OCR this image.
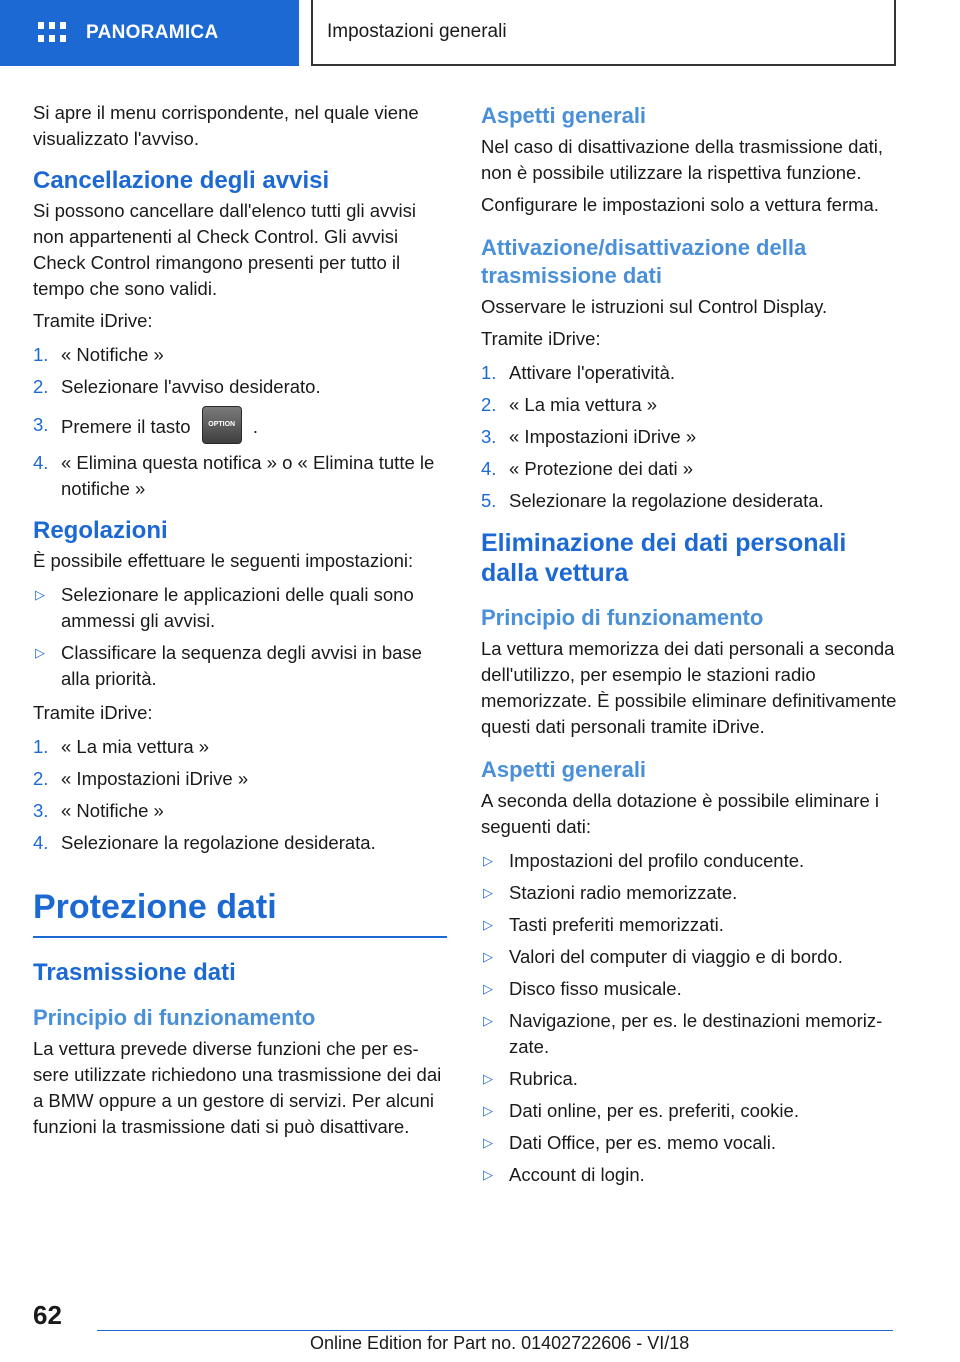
PANORAMICA	Impostazioni generali

Si apre il menu corrispondente, nel quale viene visualizzato l'avviso.

Cancellazione degli avvisi

Si possono cancellare dall'elenco tutti gli avvisi non appartenenti al Check Control. Gli avvisi Check Control rimangono presenti per tutto il tempo che sono validi.

Tramite iDrive:

1. « Notifiche »
2. Selezionare l'avviso desiderato.
3. Premere il tasto	OPTION .
4. « Elimina questa notifica » o « Elimina tutte le notifiche »
Regolazioni

È possibile effettuare le seguenti impostazioni:

▷ Selezionare le applicazioni delle quali sono ammessi gli avvisi.
▷ Classificare la sequenza degli avvisi in base alla priorità.

Tramite iDrive:

1. « La mia vettura »
2. « Impostazioni iDrive »
3. « Notifiche »
4. Selezionare la regolazione desiderata.
Protezione dati
Trasmissione dati
Principio di funzionamento

La vettura prevede diverse funzioni che per essere utilizzate richiedono una trasmissione dei dai a BMW oppure a un gestore di servizi. Per alcuni funzioni la trasmissione dati si può disattivare.

Aspetti generali

Nel caso di disattivazione della trasmissione dati, non è possibile utilizzare la rispettiva funzione.

Configurare le impostazioni solo a vettura ferma.

Attivazione/disattivazione della trasmissione dati

Osservare le istruzioni sul Control Display.

Tramite iDrive:

1. Attivare l'operatività.
2. « La mia vettura »
3. « Impostazioni iDrive »
4. « Protezione dei dati »
5. Selezionare la regolazione desiderata.
Eliminazione dei dati personali dalla vettura
Principio di funzionamento

La vettura memorizza dei dati personali a seconda dell'utilizzo, per esempio le stazioni radio memorizzate. È possibile eliminare definitivamente questi dati personali tramite iDrive.

Aspetti generali

A seconda della dotazione è possibile eliminare i seguenti dati:

▷ Impostazioni del profilo conducente.
▷ Stazioni radio memorizzate.
▷ Tasti preferiti memorizzati.
▷ Valori del computer di viaggio e di bordo.
▷ Disco fisso musicale.
▷ Navigazione, per es. le destinazioni memorizzate.
▷ Rubrica.
▷ Dati online, per es. preferiti, cookie.
▷ Dati Office, per es. memo vocali.
▷ Account di login.
62
Online Edition for Part no. 01402722606 - VI/18
